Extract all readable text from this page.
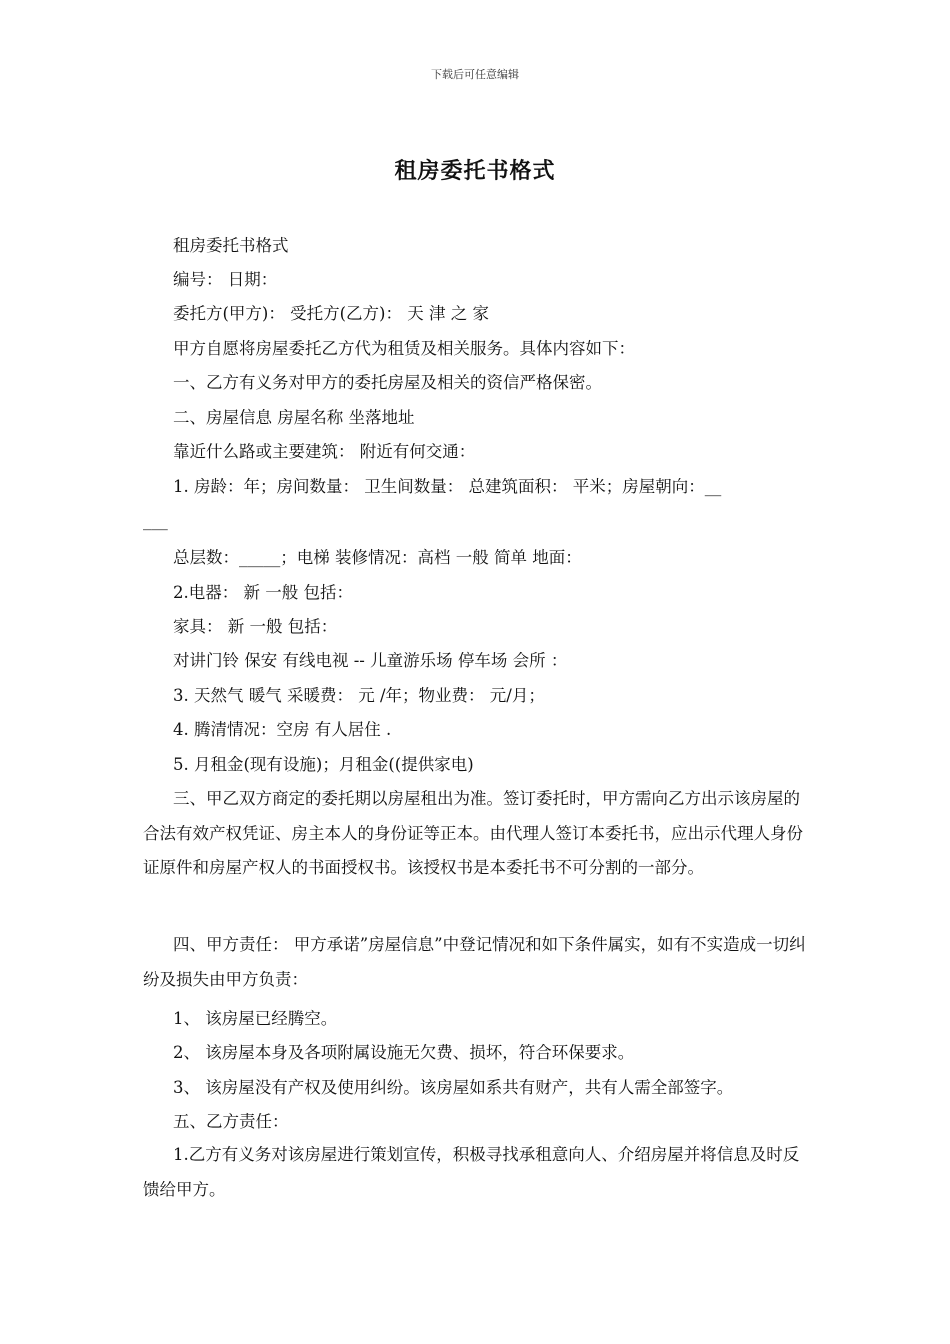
下载后可任意编辑
租房委托书格式
租房委托书格式
编号： 日期：
委托方(甲方)： 受托方(乙方)： 天 津 之 家
甲方自愿将房屋委托乙方代为租赁及相关服务。具体内容如下：
一、乙方有义务对甲方的委托房屋及相关的资信严格保密。
二、房屋信息 房屋名称 坐落地址
靠近什么路或主要建筑： 附近有何交通：
1. 房龄：年；房间数量： 卫生间数量： 总建筑面积： 平米；房屋朝向：__
___
总层数：_____；电梯 装修情况：高档 一般 简单 地面：
2.电器： 新 一般 包括：
家具： 新 一般 包括：
对讲门铃 保安 有线电视 -- 儿童游乐场 停车场 会所 ：
3. 天然气 暖气 采暖费： 元 /年；物业费： 元/月；
4. 腾清情况：空房 有人居住 .
5. 月租金(现有设施)；月租金((提供家电)
三、甲乙双方商定的委托期以房屋租出为准。签订委托时，甲方需向乙方出示该房屋的合法有效产权凭证、房主本人的身份证等正本。由代理人签订本委托书，应出示代理人身份证原件和房屋产权人的书面授权书。该授权书是本委托书不可分割的一部分。
四、甲方责任： 甲方承诺”房屋信息”中登记情况和如下条件属实，如有不实造成一切纠纷及损失由甲方负责：
1、 该房屋已经腾空。
2、 该房屋本身及各项附属设施无欠费、损坏，符合环保要求。
3、 该房屋没有产权及使用纠纷。该房屋如系共有财产，共有人需全部签字。
五、乙方责任：
1.乙方有义务对该房屋进行策划宣传，积极寻找承租意向人、介绍房屋并将信息及时反馈给甲方。
